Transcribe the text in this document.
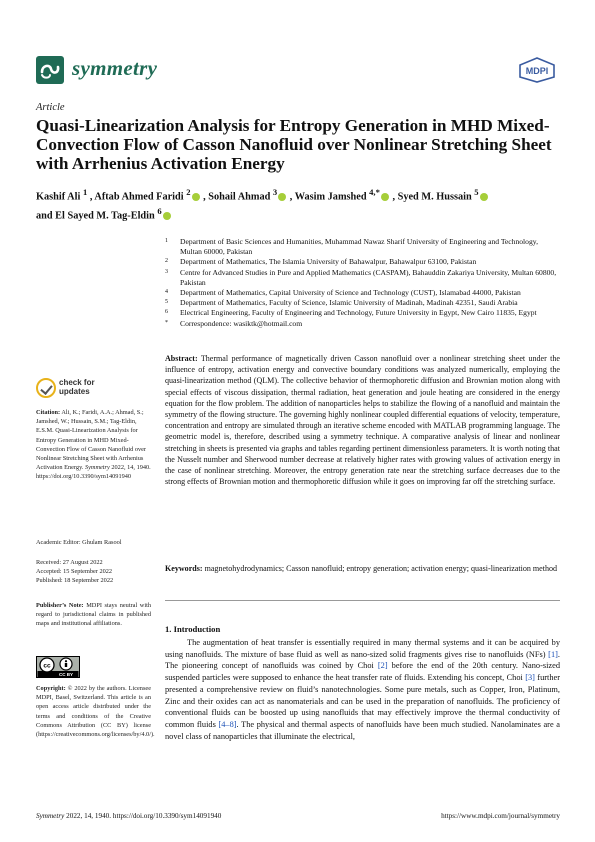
symmetry	MDPI
Article
Quasi-Linearization Analysis for Entropy Generation in MHD Mixed-Convection Flow of Casson Nanofluid over Nonlinear Stretching Sheet with Arrhenius Activation Energy
Kashif Ali $^1$ , Aftab Ahmed Faridi $^2$ , Sohail Ahmad $^3$ , Wasim Jamshed $^{4,*}$ , Syed M. Hussain $^5$
and El Sayed M. Tag-Eldin $^6$
1	Department of Basic Sciences and Humanities, Muhammad Nawaz Sharif University of Engineering and Technology, Multan 60000, Pakistan
2	Department of Mathematics, The Islamia University of Bahawalpur, Bahawalpur 63100, Pakistan
3	Centre for Advanced Studies in Pure and Applied Mathematics (CASPAM), Bahauddin Zakariya University, Multan 60800, Pakistan
4	Department of Mathematics, Capital University of Science and Technology (CUST), Islamabad 44000, Pakistan
5	Department of Mathematics, Faculty of Science, Islamic University of Madinah, Madinah 42351, Saudi Arabia
6	Electrical Engineering, Faculty of Engineering and Technology, Future University in Egypt, New Cairo 11835, Egypt
*	Correspondence: wasiktk@hotmail.com
Abstract: Thermal performance of magnetically driven Casson nanofluid over a nonlinear stretching sheet under the influence of entropy, activation energy and convective boundary conditions was analyzed numerically, employing the quasi-linearization method (QLM). The collective behavior of thermophoretic diffusion and Brownian motion along with special effects of viscous dissipation, thermal radiation, heat generation and joule heating are considered in the energy equation for the flow problem. The addition of nanoparticles helps to stabilize the flowing of a nanofluid and maintain the symmetry of the flowing structure. The governing highly nonlinear coupled differential equations of velocity, temperature, concentration and entropy are simulated through an iterative scheme encoded with MATLAB programming language. The geometric model is, therefore, described using a symmetry technique. A comparative analysis of linear and nonlinear stretching in sheets is presented via graphs and tables regarding pertinent dimensionless parameters. It is worth noting that the Nusselt number and Sherwood number decrease at relatively higher rates with growing values of activation energy in the case of nonlinear stretching. Moreover, the entropy generation rate near the stretching surface decreases due to the strong effects of Brownian motion and thermophoretic diffusion while it goes on improving far off the stretching surface.
Keywords: magnetohydrodynamics; Casson nanofluid; entropy generation; activation energy; quasi-linearization method
1. Introduction
The augmentation of heat transfer is essentially required in many thermal systems and it can be acquired by using nanofluids. The mixture of base fluid as well as nano-sized solid fragments gives rise to nanofluids (NFs) [1]. The pioneering concept of nanofluids was coined by Choi [2] before the end of the 20th century. Nano-sized suspended particles were supposed to enhance the heat transfer rate of fluids. Extending his concept, Choi [3] further presented a comprehensive review on fluid’s nanotechnologies. Some pure metals, such as Copper, Iron, Platinum, Zinc and their oxides can act as nanomaterials and can be used in the preparation of nanofluids. The proficiency of conventional fluids can be boosted up using nanofluids that may effectively improve the thermal conductivity of common fluids [4–8]. The physical and thermal aspects of nanofluids have been much studied. Nanolaminates are a novel class of nanoparticles that illuminate the electrical,
check for updates
Citation: Ali, K.; Faridi, A.A.; Ahmad, S.; Jamshed, W.; Hussain, S.M.; Tag-Eldin, E.S.M. Quasi-Linearization Analysis for Entropy Generation in MHD Mixed-Convection Flow of Casson Nanofluid over Nonlinear Stretching Sheet with Arrhenius Activation Energy. Symmetry 2022, 14, 1940. https://doi.org/10.3390/sym14091940
Academic Editor: Ghulam Rasool
Received: 27 August 2022
Accepted: 15 September 2022
Published: 18 September 2022
Publisher’s Note: MDPI stays neutral with regard to jurisdictional claims in published maps and institutional affiliations.
cc
CC BY
Copyright: © 2022 by the authors. Licensee MDPI, Basel, Switzerland. This article is an open access article distributed under the terms and conditions of the Creative Commons Attribution (CC BY) license (https://creativecommons.org/licenses/by/4.0/).
Symmetry 2022, 14, 1940. https://doi.org/10.3390/sym14091940	https://www.mdpi.com/journal/symmetry
